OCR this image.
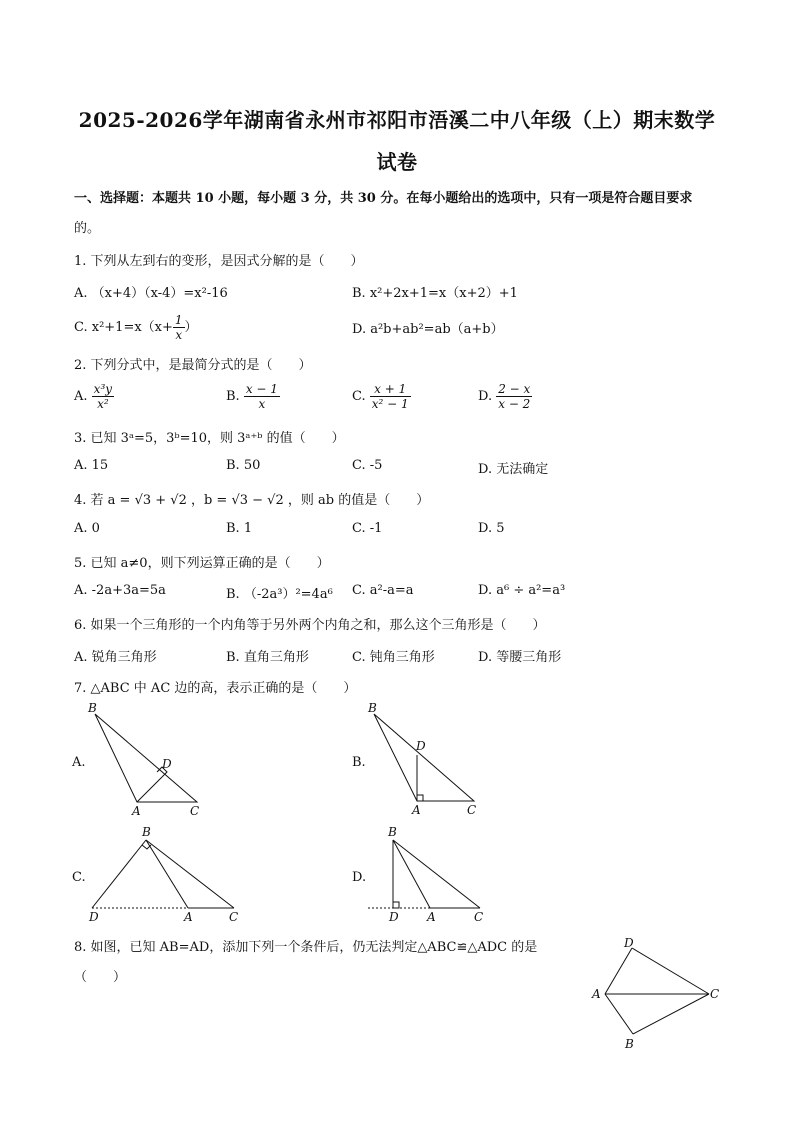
2025-2026学年湖南省永州市祁阳市浯溪二中八年级（上）期末数学
试卷
一、选择题：本题共 10 小题，每小题 3 分，共 30 分。在每小题给出的选项中，只有一项是符合题目要求
的。
1. 下列从左到右的变形，是因式分解的是（　　）
A. （x+4）（x-4）=x²-16	B. x²+2x+1=x（x+2）+1
C. $x^2+1=x(x+ \frac{1}{x}$ ）	D. a²b+ab²=ab（a+b）
2. 下列分式中，是最简分式的是（　　）
A. $\frac{\text{x³y}}{\text{x²}}$	B. $\frac{x - 1}{x}$	C. $\frac{x + 1}{\text{x² − 1}}$	D. $\frac{2 - x}{x - 2}$
3. 已知 3ᵃ=5，3ᵇ=10，则 3ᵃ⁺ᵇ 的值（　　）
A. 15	B. 50	C. -5	D. 无法确定
4. 若 a = √3 + √2 ，b = √3 − √2 ，则 ab 的值是（　　）
A. 0	B. 1	C. -1	D. 5
5. 已知 a≠0，则下列运算正确的是（　　）
A. -2a+3a=5a	B. （-2a³）²=4a⁶ C. a²-a=a	D. a⁶ ÷ a²=a³
6. 如果一个三角形的一个内角等于另外两个内角之和，那么这个三角形是（　　）
A. 锐角三角形	B. 直角三角形	C. 钝角三角形	D. 等腰三角形
7. △ABC 中 AC 边的高，表示正确的是（　　）
A.	B.
C.	D.
B
D
A	C
B
D
A	C
B
D	A	C
B
D A	C
8. 如图，已知 AB=AD，添加下列一个条件后，仍无法判定△ABC≌△ADC 的是
（　　）
D
A	C
B
